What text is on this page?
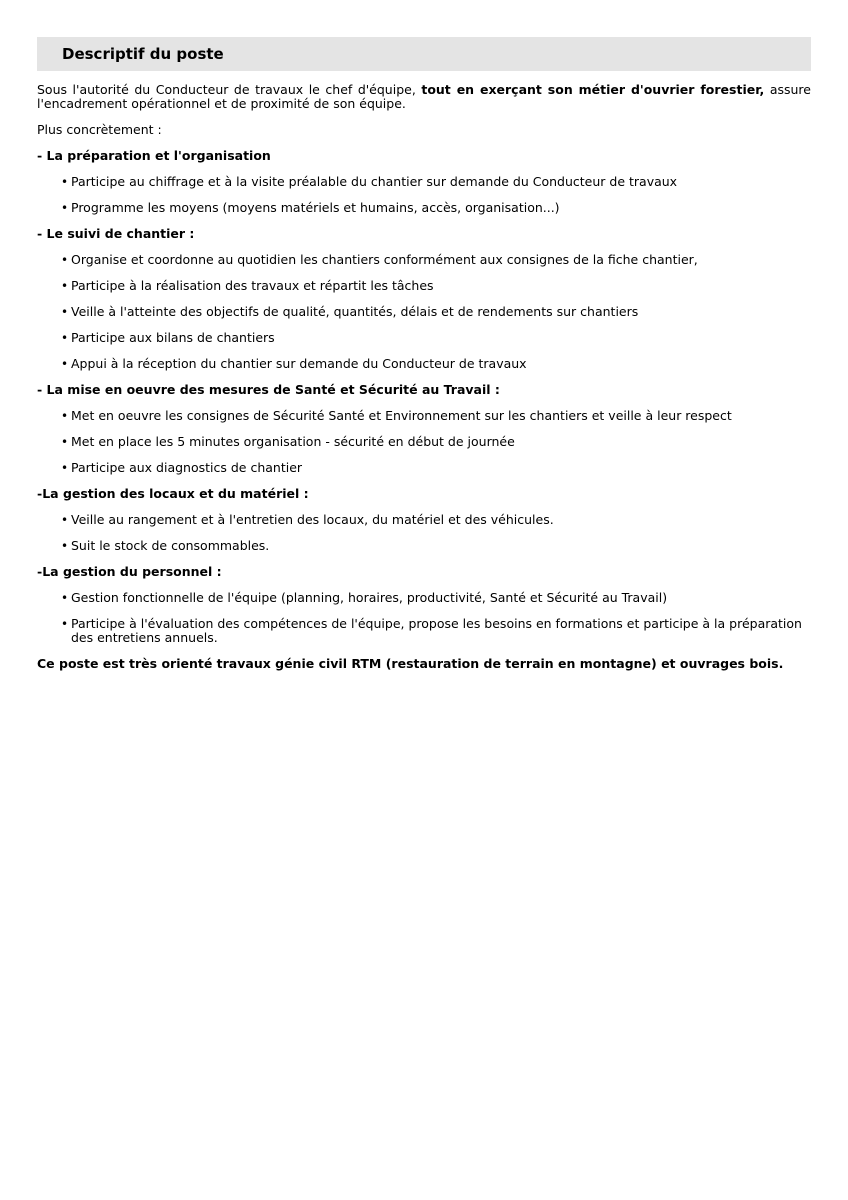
Descriptif du poste

Sous l'autorité du Conducteur de travaux le chef d'équipe, tout en exerçant son métier d'ouvrier forestier, assure l'encadrement opérationnel et de proximité de son équipe.

Plus concrètement :

- La préparation et l'organisation

• Participe au chiffrage et à la visite préalable du chantier sur demande du Conducteur de travaux
• Programme les moyens (moyens matériels et humains, accès, organisation...)

- Le suivi de chantier :

• Organise et coordonne au quotidien les chantiers conformément aux consignes de la fiche chantier,
• Participe à la réalisation des travaux et répartit les tâches
• Veille à l'atteinte des objectifs de qualité, quantités, délais et de rendements sur chantiers
• Participe aux bilans de chantiers
• Appui à la réception du chantier sur demande du Conducteur de travaux

- La mise en oeuvre des mesures de Santé et Sécurité au Travail :

• Met en oeuvre les consignes de Sécurité Santé et Environnement sur les chantiers et veille à leur respect
• Met en place les 5 minutes organisation - sécurité en début de journée
• Participe aux diagnostics de chantier

-La gestion des locaux et du matériel :

• Veille au rangement et à l'entretien des locaux, du matériel et des véhicules.
• Suit le stock de consommables.

-La gestion du personnel :

• Gestion fonctionnelle de l'équipe (planning, horaires, productivité, Santé et Sécurité au Travail)
• Participe à l'évaluation des compétences de l'équipe, propose les besoins en formations et participe à la préparation des entretiens annuels.

Ce poste est très orienté travaux génie civil RTM (restauration de terrain en montagne) et ouvrages bois.
